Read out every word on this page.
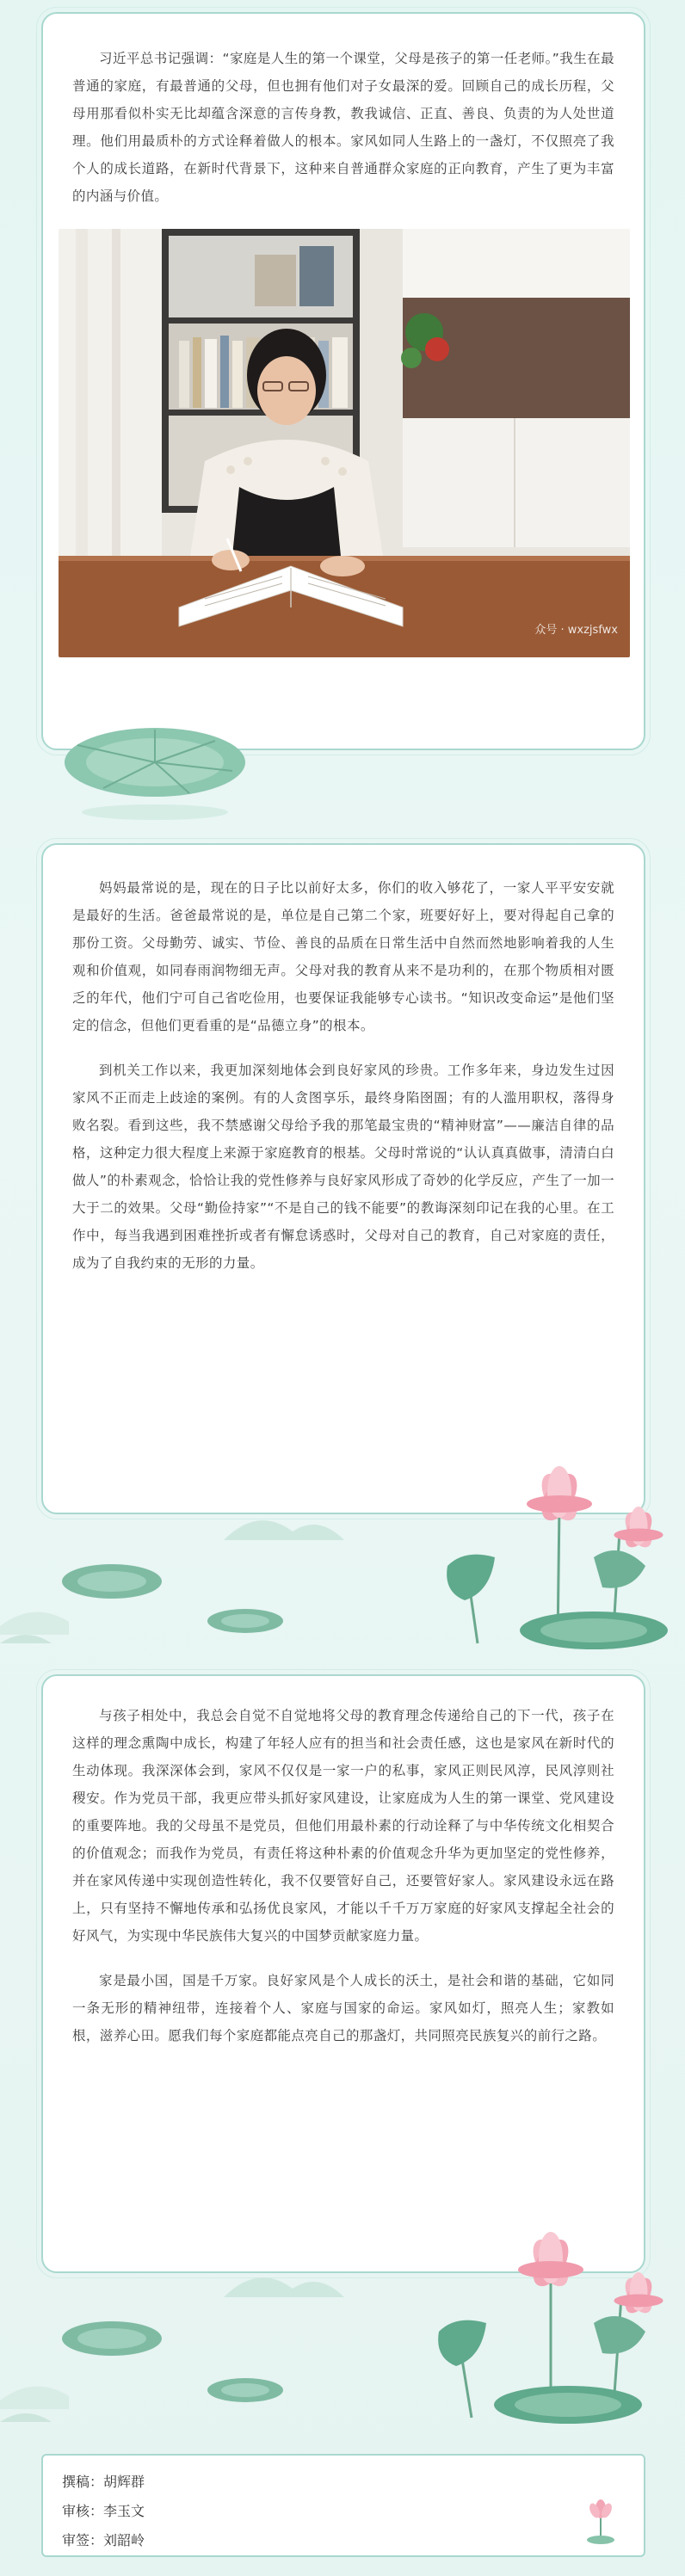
习近平总书记强调：“家庭是人生的第一个课堂，父母是孩子的第一任老师。”我生在最普通的家庭，有最普通的父母，但也拥有他们对子女最深的爱。回顾自己的成长历程，父母用那看似朴实无比却蕴含深意的言传身教，教我诚信、正直、善良、负责的为人处世道理。他们用最质朴的方式诠释着做人的根本。家风如同人生路上的一盏灯，不仅照亮了我个人的成长道路，在新时代背景下，这种来自普通群众家庭的正向教育，产生了更为丰富的内涵与价值。

众号 · wxzjsfwx

妈妈最常说的是，现在的日子比以前好太多，你们的收入够花了，一家人平平安安就是最好的生活。爸爸最常说的是，单位是自己第二个家，班要好好上，要对得起自己拿的那份工资。父母勤劳、诚实、节俭、善良的品质在日常生活中自然而然地影响着我的人生观和价值观，如同春雨润物细无声。父母对我的教育从来不是功利的，在那个物质相对匮乏的年代，他们宁可自己省吃俭用，也要保证我能够专心读书。“知识改变命运”是他们坚定的信念，但他们更看重的是“品德立身”的根本。

到机关工作以来，我更加深刻地体会到良好家风的珍贵。工作多年来，身边发生过因家风不正而走上歧途的案例。有的人贪图享乐，最终身陷囹圄；有的人滥用职权，落得身败名裂。看到这些，我不禁感谢父母给予我的那笔最宝贵的“精神财富”——廉洁自律的品格，这种定力很大程度上来源于家庭教育的根基。父母时常说的“认认真真做事，清清白白做人”的朴素观念，恰恰让我的党性修养与良好家风形成了奇妙的化学反应，产生了一加一大于二的效果。父母“勤俭持家”“不是自己的钱不能要”的教诲深刻印记在我的心里。在工作中，每当我遇到困难挫折或者有懈怠诱惑时，父母对自己的教育，自己对家庭的责任，成为了自我约束的无形的力量。

与孩子相处中，我总会自觉不自觉地将父母的教育理念传递给自己的下一代，孩子在这样的理念熏陶中成长，构建了年轻人应有的担当和社会责任感，这也是家风在新时代的生动体现。我深深体会到，家风不仅仅是一家一户的私事，家风正则民风淳，民风淳则社稷安。作为党员干部，我更应带头抓好家风建设，让家庭成为人生的第一课堂、党风建设的重要阵地。我的父母虽不是党员，但他们用最朴素的行动诠释了与中华传统文化相契合的价值观念；而我作为党员，有责任将这种朴素的价值观念升华为更加坚定的党性修养，并在家风传递中实现创造性转化，我不仅要管好自己，还要管好家人。家风建设永远在路上，只有坚持不懈地传承和弘扬优良家风，才能以千千万万家庭的好家风支撑起全社会的好风气，为实现中华民族伟大复兴的中国梦贡献家庭力量。

家是最小国，国是千万家。良好家风是个人成长的沃土，是社会和谐的基础，它如同一条无形的精神纽带，连接着个人、家庭与国家的命运。家风如灯，照亮人生；家教如根，滋养心田。愿我们每个家庭都能点亮自己的那盏灯，共同照亮民族复兴的前行之路。

撰稿：胡辉群
审核：李玉文
审签：刘韶岭
